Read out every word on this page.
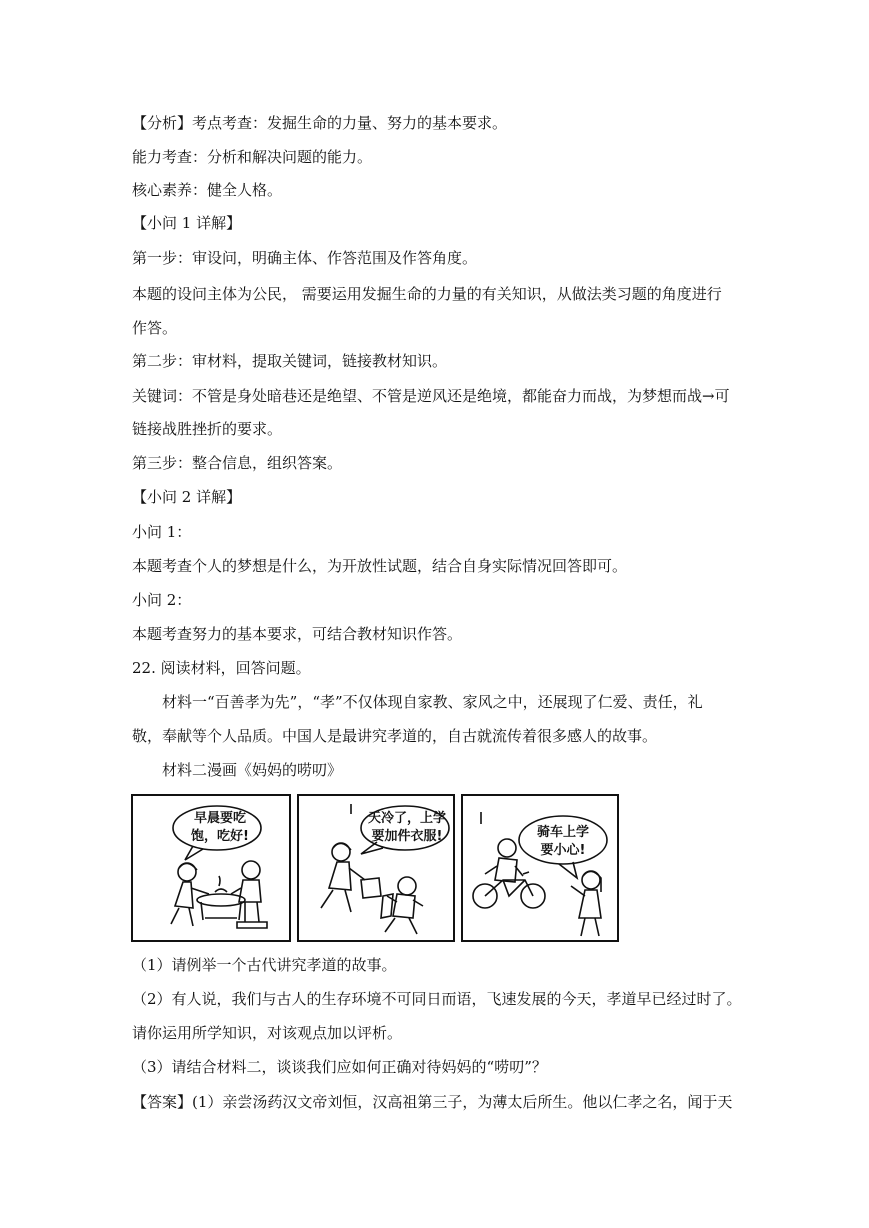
【分析】考点考查：发掘生命的力量、努力的基本要求。
能力考查：分析和解决问题的能力。
核心素养：健全人格。
【小问 1 详解】
第一步：审设问，明确主体、作答范围及作答角度。
本题的设问主体为公民， 需要运用发掘生命的力量的有关知识，从做法类习题的角度进行
作答。
第二步：审材料，提取关键词，链接教材知识。
关键词：不管是身处暗巷还是绝望、不管是逆风还是绝境，都能奋力而战，为梦想而战→可
链接战胜挫折的要求。
第三步：整合信息，组织答案。
【小问 2 详解】
小问 1：
本题考查个人的梦想是什么，为开放性试题，结合自身实际情况回答即可。
小问 2：
本题考查努力的基本要求，可结合教材知识作答。
22. 阅读材料，回答问题。
材料一“百善孝为先”，“孝”不仅体现自家教、家风之中，还展现了仁爱、责任，礼
敬，奉献等个人品质。中国人是最讲究孝道的，自古就流传着很多感人的故事。
材料二漫画《妈妈的唠叨》
早晨要吃
饱，吃好!
天冷了，上学
要加件衣服!	骑车上学
要小心!
（1）请例举一个古代讲究孝道的故事。
（2）有人说，我们与古人的生存环境不可同日而语，飞速发展的今天，孝道早已经过时了。
请你运用所学知识，对该观点加以评析。
（3）请结合材料二，谈谈我们应如何正确对待妈妈的“唠叨”？
【答案】(1）亲尝汤药汉文帝刘恒，汉高祖第三子，为薄太后所生。他以仁孝之名，闻于天
